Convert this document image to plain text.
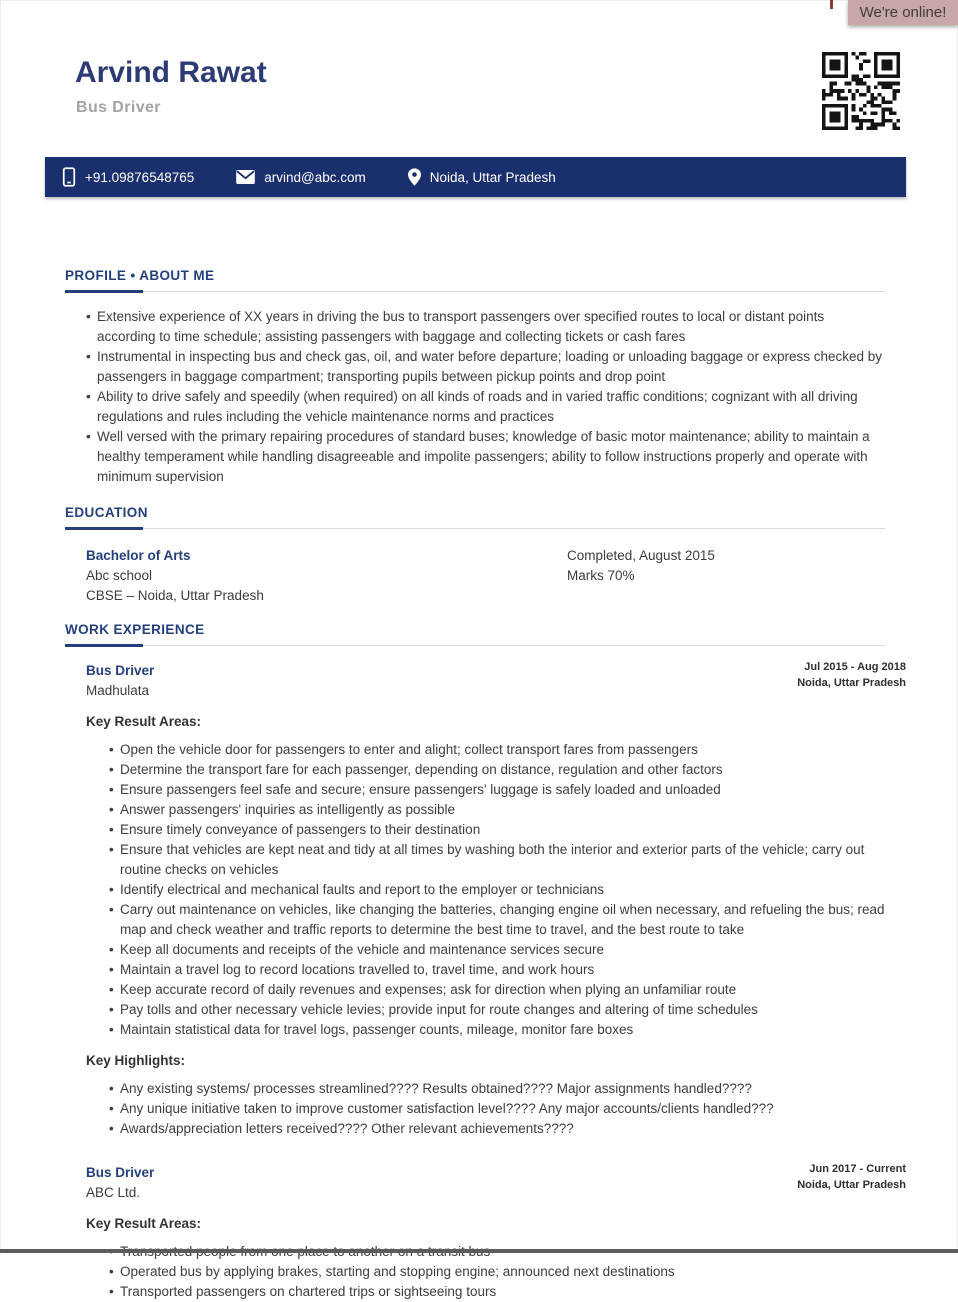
We're online!
Arvind Rawat
Bus Driver
+91.09876548765	arvind@abc.com	Noida, Uttar Pradesh
PROFILE • ABOUT ME
• Extensive experience of XX years in driving the bus to transport passengers over specified routes to local or distant points according to time schedule; assisting passengers with baggage and collecting tickets or cash fares
• Instrumental in inspecting bus and check gas, oil, and water before departure; loading or unloading baggage or express checked by passengers in baggage compartment; transporting pupils between pickup points and drop point
• Ability to drive safely and speedily (when required) on all kinds of roads and in varied traffic conditions; cognizant with all driving regulations and rules including the vehicle maintenance norms and practices
• Well versed with the primary repairing procedures of standard buses; knowledge of basic motor maintenance; ability to maintain a healthy temperament while handling disagreeable and impolite passengers; ability to follow instructions properly and operate with minimum supervision
EDUCATION
Bachelor of Arts
Abc school
CBSE – Noida, Uttar Pradesh
Completed, August 2015
Marks 70%
WORK EXPERIENCE
Bus Driver
Madhulata
Jul 2015 - Aug 2018
Noida, Uttar Pradesh
Key Result Areas:
• Open the vehicle door for passengers to enter and alight; collect transport fares from passengers
• Determine the transport fare for each passenger, depending on distance, regulation and other factors
• Ensure passengers feel safe and secure; ensure passengers' luggage is safely loaded and unloaded
• Answer passengers' inquiries as intelligently as possible
• Ensure timely conveyance of passengers to their destination
• Ensure that vehicles are kept neat and tidy at all times by washing both the interior and exterior parts of the vehicle; carry out routine checks on vehicles
• Identify electrical and mechanical faults and report to the employer or technicians
• Carry out maintenance on vehicles, like changing the batteries, changing engine oil when necessary, and refueling the bus; read map and check weather and traffic reports to determine the best time to travel, and the best route to take
• Keep all documents and receipts of the vehicle and maintenance services secure
• Maintain a travel log to record locations travelled to, travel time, and work hours
• Keep accurate record of daily revenues and expenses; ask for direction when plying an unfamiliar route
• Pay tolls and other necessary vehicle levies; provide input for route changes and altering of time schedules
• Maintain statistical data for travel logs, passenger counts, mileage, monitor fare boxes
Key Highlights:
• Any existing systems/ processes streamlined???? Results obtained???? Major assignments handled????
• Any unique initiative taken to improve customer satisfaction level???? Any major accounts/clients handled???
• Awards/appreciation letters received???? Other relevant achievements????
Bus Driver
ABC Ltd.
Jun 2017 - Current
Noida, Uttar Pradesh
Key Result Areas:
•
• Operated bus by applying brakes, starting and stopping engine; announced next destinations
• Transported passengers on chartered trips or sightseeing tours
